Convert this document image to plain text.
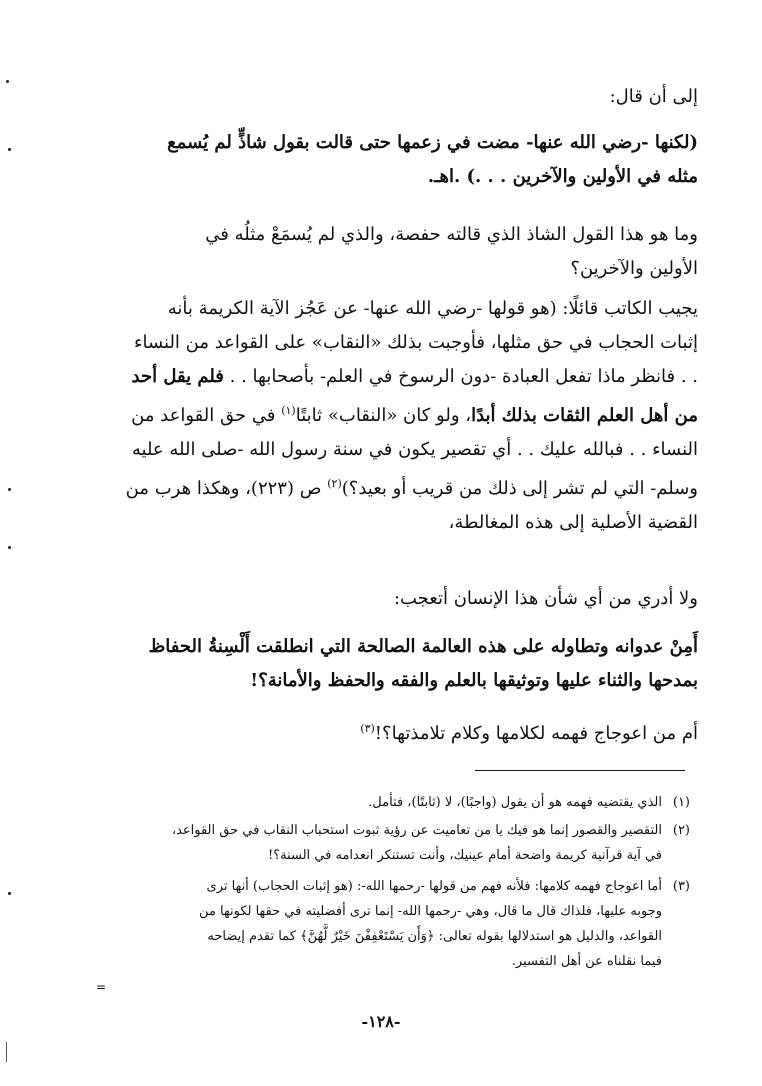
إلى أن قال:
(لكنها -رضي الله عنها- مضت في زعمها حتى قالت بقول شاذٍّ لم يُسمع
مثله في الأولين والآخرين . . .) .اهـ.
وما هو هذا القول الشاذ الذي قالته حفصة، والذي لم يُسمَعْ مثلُه في
الأولين والآخرين؟
يجيب الكاتب قائلًا: (هو قولها -رضي الله عنها- عن عَجُز الآية الكريمة بأنه
إثبات الحجاب في حق مثلها، فأوجبت بذلك «النقاب» على القواعد من النساء
. . فانظر ماذا تفعل العبادة -دون الرسوخ في العلم- بأصحابها . . فلم يقل أحد
من أهل العلم الثقات بذلك أبدًا، ولو كان «النقاب» ثابتًا$^{(١)}$ في حق القواعد من
النساء . . فبالله عليك . . أي تقصير يكون في سنة رسول الله -صلى الله عليه
وسلم- التي لم تشر إلى ذلك من قريب أو بعيد؟)$^{(٢)}$ ص (٢٢٣)، وهكذا هرب من
القضية الأصلية إلى هذه المغالطة،
ولا أدري من أي شأن هذا الإنسان أتعجب:
أَمِنْ عدوانه وتطاوله على هذه العالمة الصالحة التي انطلقت أَلْسِنةُ الحفاظ
بمدحها والثناء عليها وتوثيقها بالعلم والفقه والحفظ والأمانة؟!
أم من اعوجاج فهمه لكلامها وكلام تلامذتها؟!$^{(٣)}$
(١)الذي يقتضيه فهمه هو أن يقول (واجبًا)، لا (ثابتًا)، فتأمل.
(٢)التقصير والقصور إنما هو فيك يا من تعاميت عن رؤية ثبوت استحباب النقاب في حق القواعد،
في آية قرآنية كريمة واضحة أمام عينيك، وأنت تستنكر انعدامه في السنة؟!
(٣)أما اعوجاج فهمه كلامها: فلأنه فهم من قولها -رحمها الله-: (هو إثبات الحجاب) أنها ترى
وجوبه عليها، فلذاك قال ما قال، وهي -رحمها الله- إنما ترى أفضليته في حقها لكونها من
القواعد، والدليل هو استدلالها بقوله تعالى: ﴿وَأَن يَسْتَعْفِفْنَ خَيْرٌ لَّهُنَّ﴾ كما تقدم إيضاحه
فيما نقلناه عن أهل التفسير.
=
-١٢٨-
